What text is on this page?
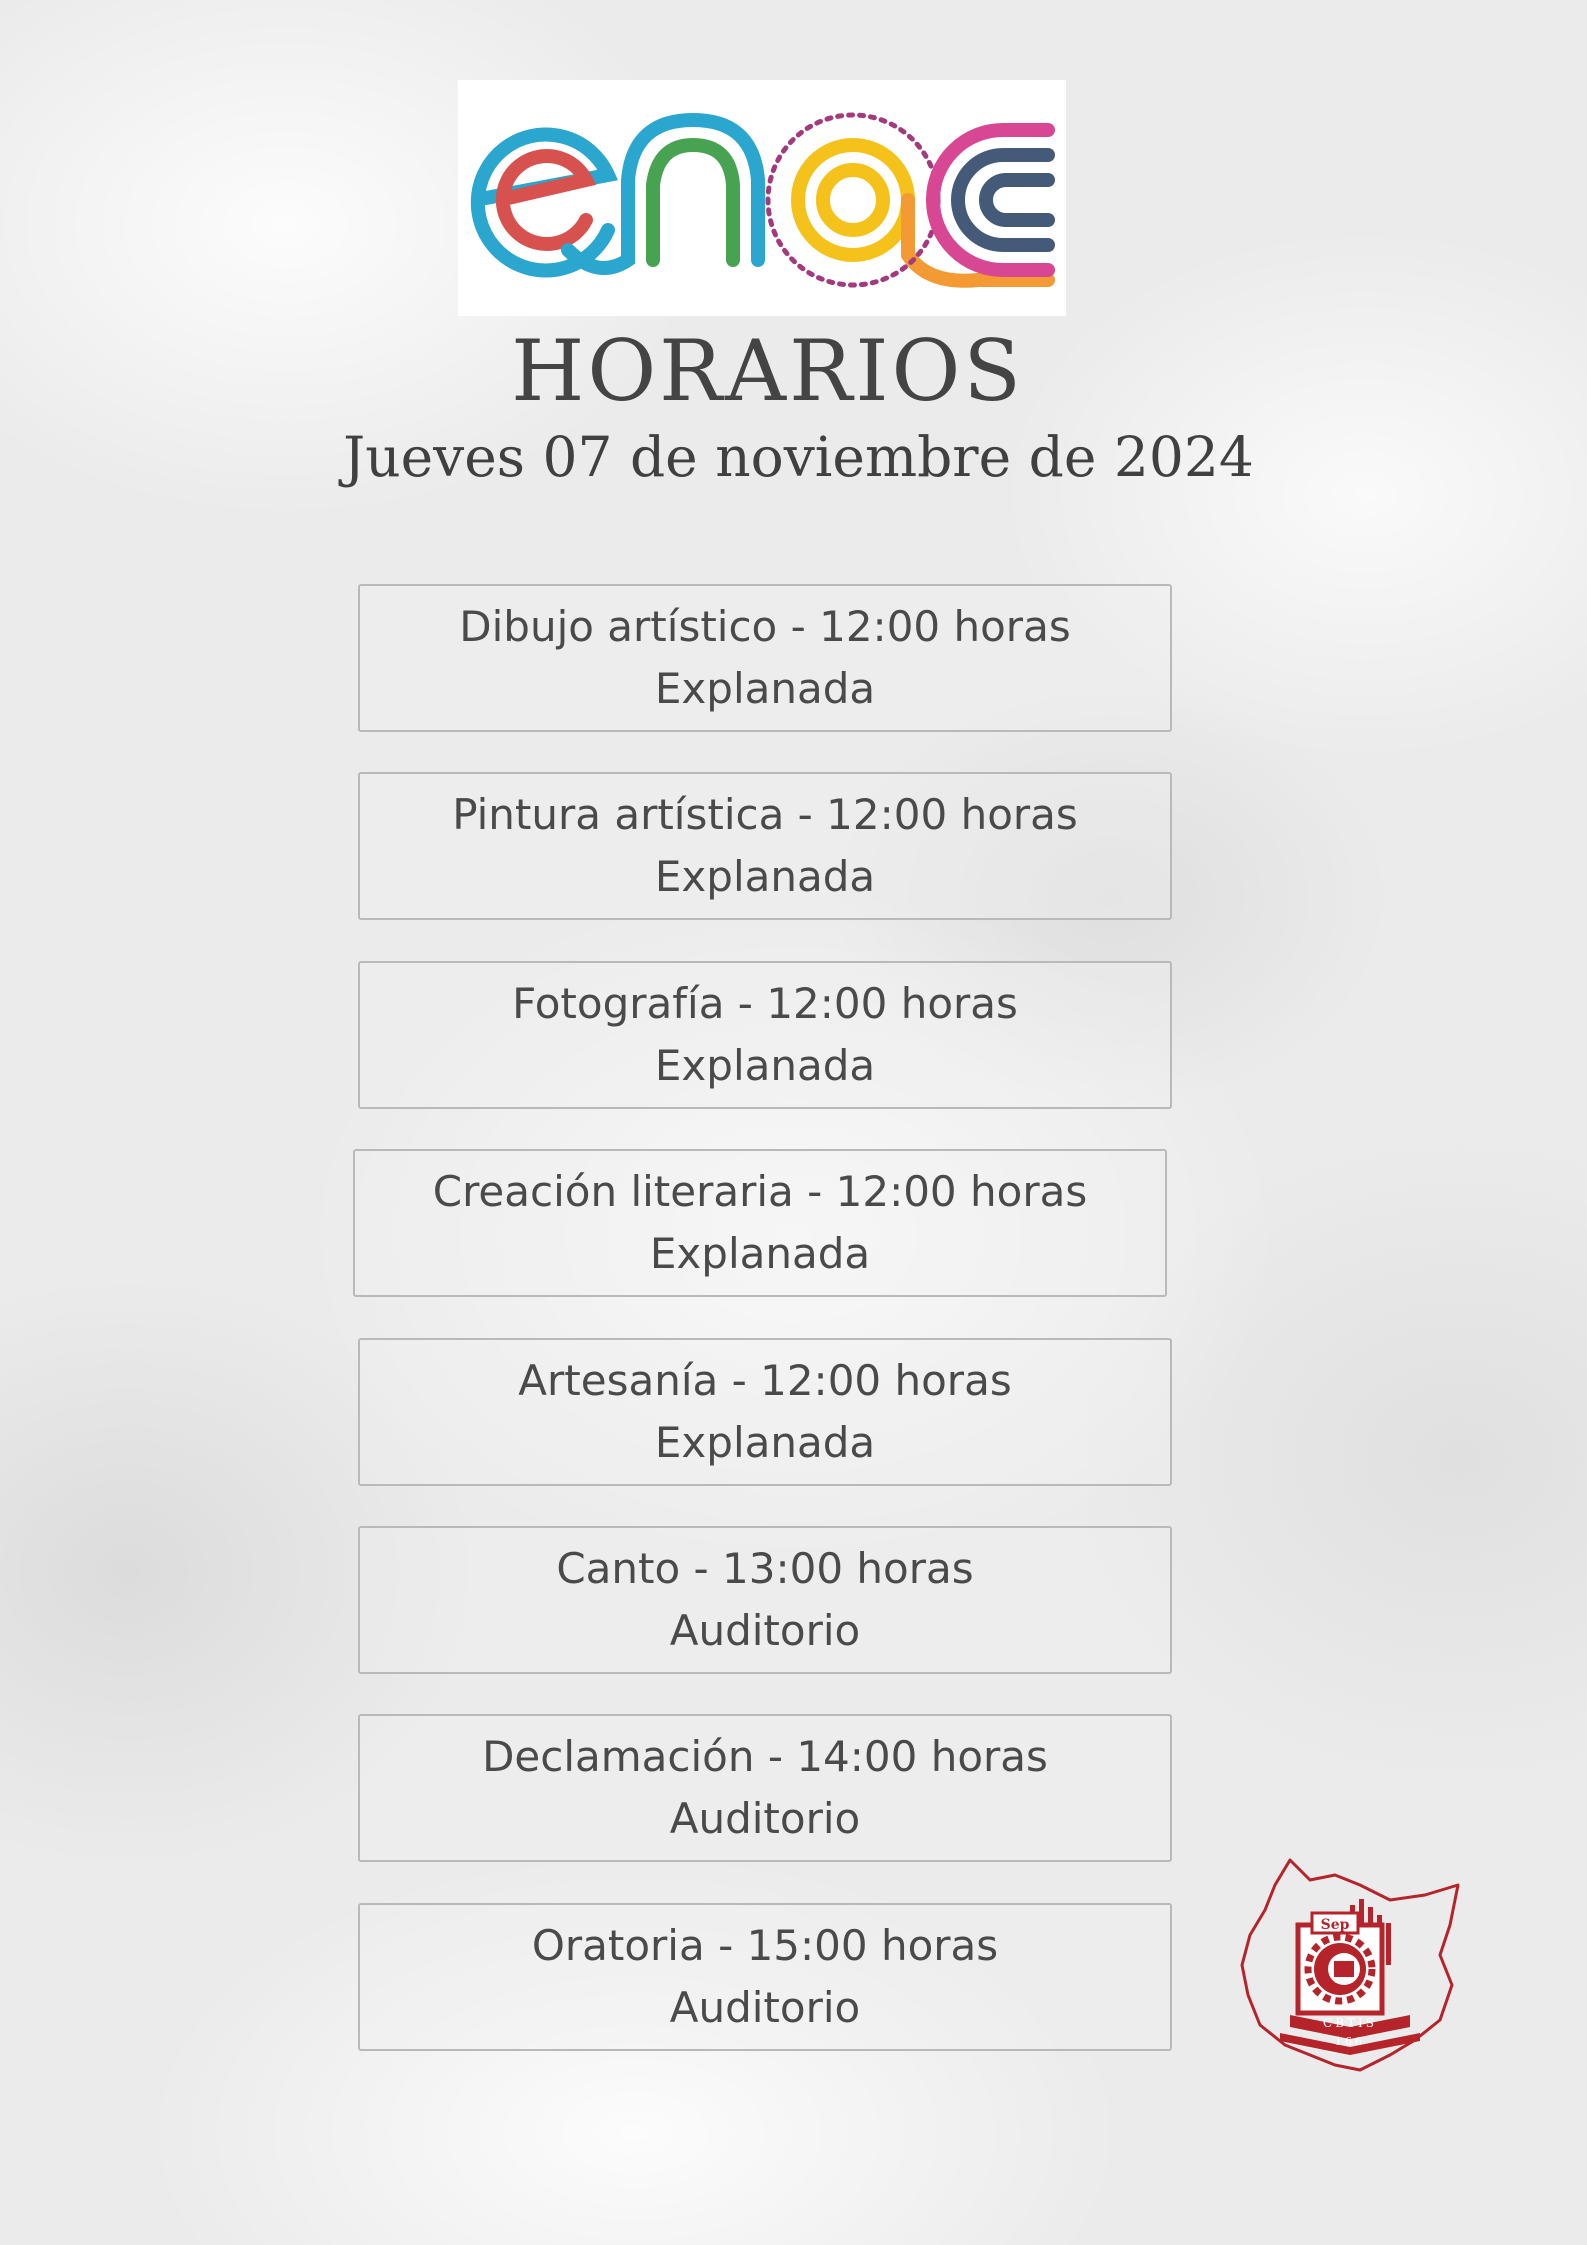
HORARIOS
Jueves 07 de noviembre de 2024
Dibujo artístico - 12:00 horas
Explanada
Pintura artística - 12:00 horas
Explanada
Fotografía - 12:00 horas
Explanada
Creación literaria - 12:00 horas
Explanada
Artesanía - 12:00 horas
Explanada
Canto - 13:00 horas
Auditorio
Declamación - 14:00 horas
Auditorio
Oratoria - 15:00 horas
Auditorio
Sep
CBTIS
166
